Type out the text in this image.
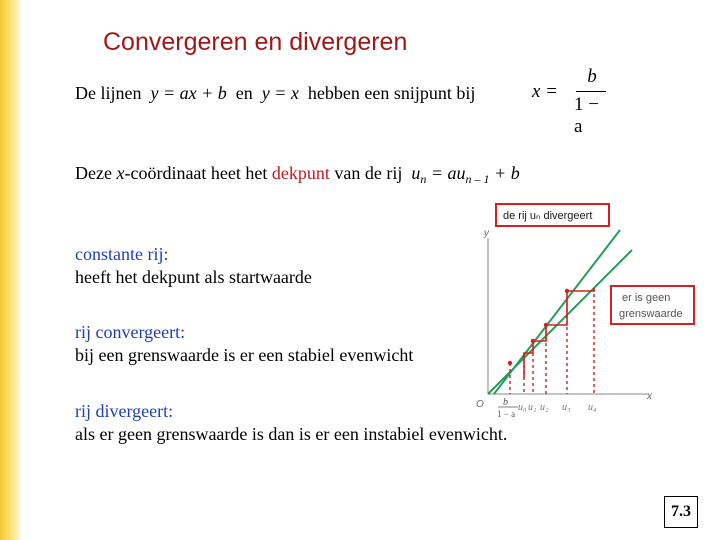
Convergeren en divergeren
De lijnen y = ax + b en y = x hebben een snijpunt bij	x =
b
1 − a
Deze x-coördinaat heet het dekpunt van de rij $u_n = au_{n - 1} + b$
constante rij:
heeft het dekpunt als startwaarde
rij convergeert:
bij een grenswaarde is er een stabiel evenwicht
rij divergeert:
als er geen grenswaarde is dan is er een instabiel evenwicht.
de rij uₙ divergeert
er is geen
grenswaarde
y
x
O b
1 − a
u₀ u₁ u₂ u₃ u₄
7.3
